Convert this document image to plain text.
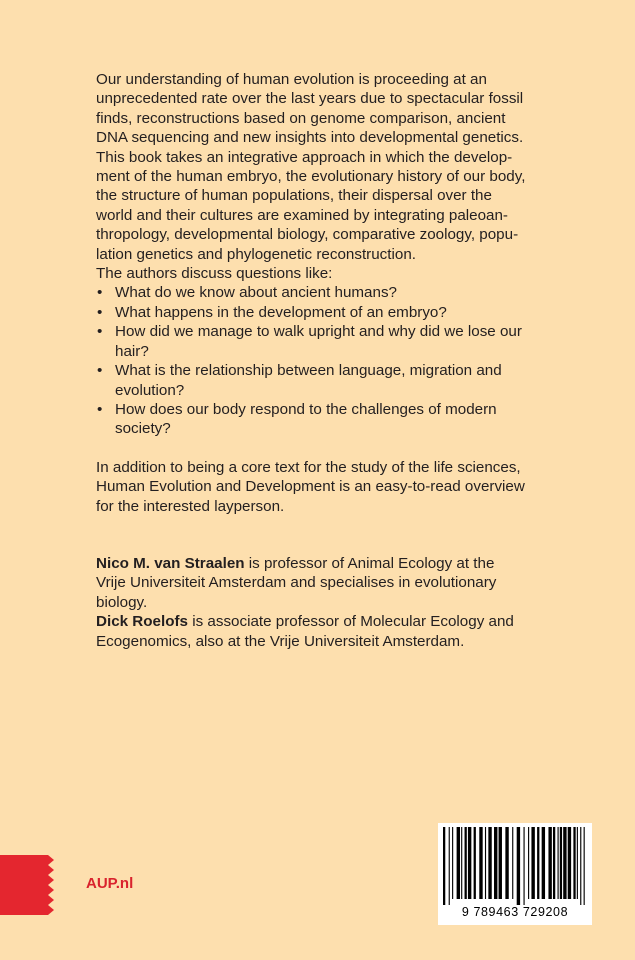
Our understanding of human evolution is proceeding at an
unprecedented rate over the last years due to spectacular fossil
finds, reconstructions based on genome comparison, ancient
DNA sequencing and new insights into developmental genetics.
This book takes an integrative approach in which the develop-
ment of the human embryo, the evolutionary history of our body,
the structure of human populations, their dispersal over the
world and their cultures are examined by integrating paleoan-
thropology, developmental biology, comparative zoology, popu-
lation genetics and phylogenetic reconstruction.

The authors discuss questions like:

• What do we know about ancient humans?
• What happens in the development of an embryo?
• How did we manage to walk upright and why did we lose our
hair?
• What is the relationship between language, migration and
evolution?
• How does our body respond to the challenges of modern
society?

In addition to being a core text for the study of the life sciences,
Human Evolution and Development is an easy-to-read overview
for the interested layperson.

Nico M. van Straalen is professor of Animal Ecology at the
Vrije Universiteit Amsterdam and specialises in evolutionary
biology.

Dick Roelofs is associate professor of Molecular Ecology and
Ecogenomics, also at the Vrije Universiteit Amsterdam.

AUP.nl
9 789463 729208
